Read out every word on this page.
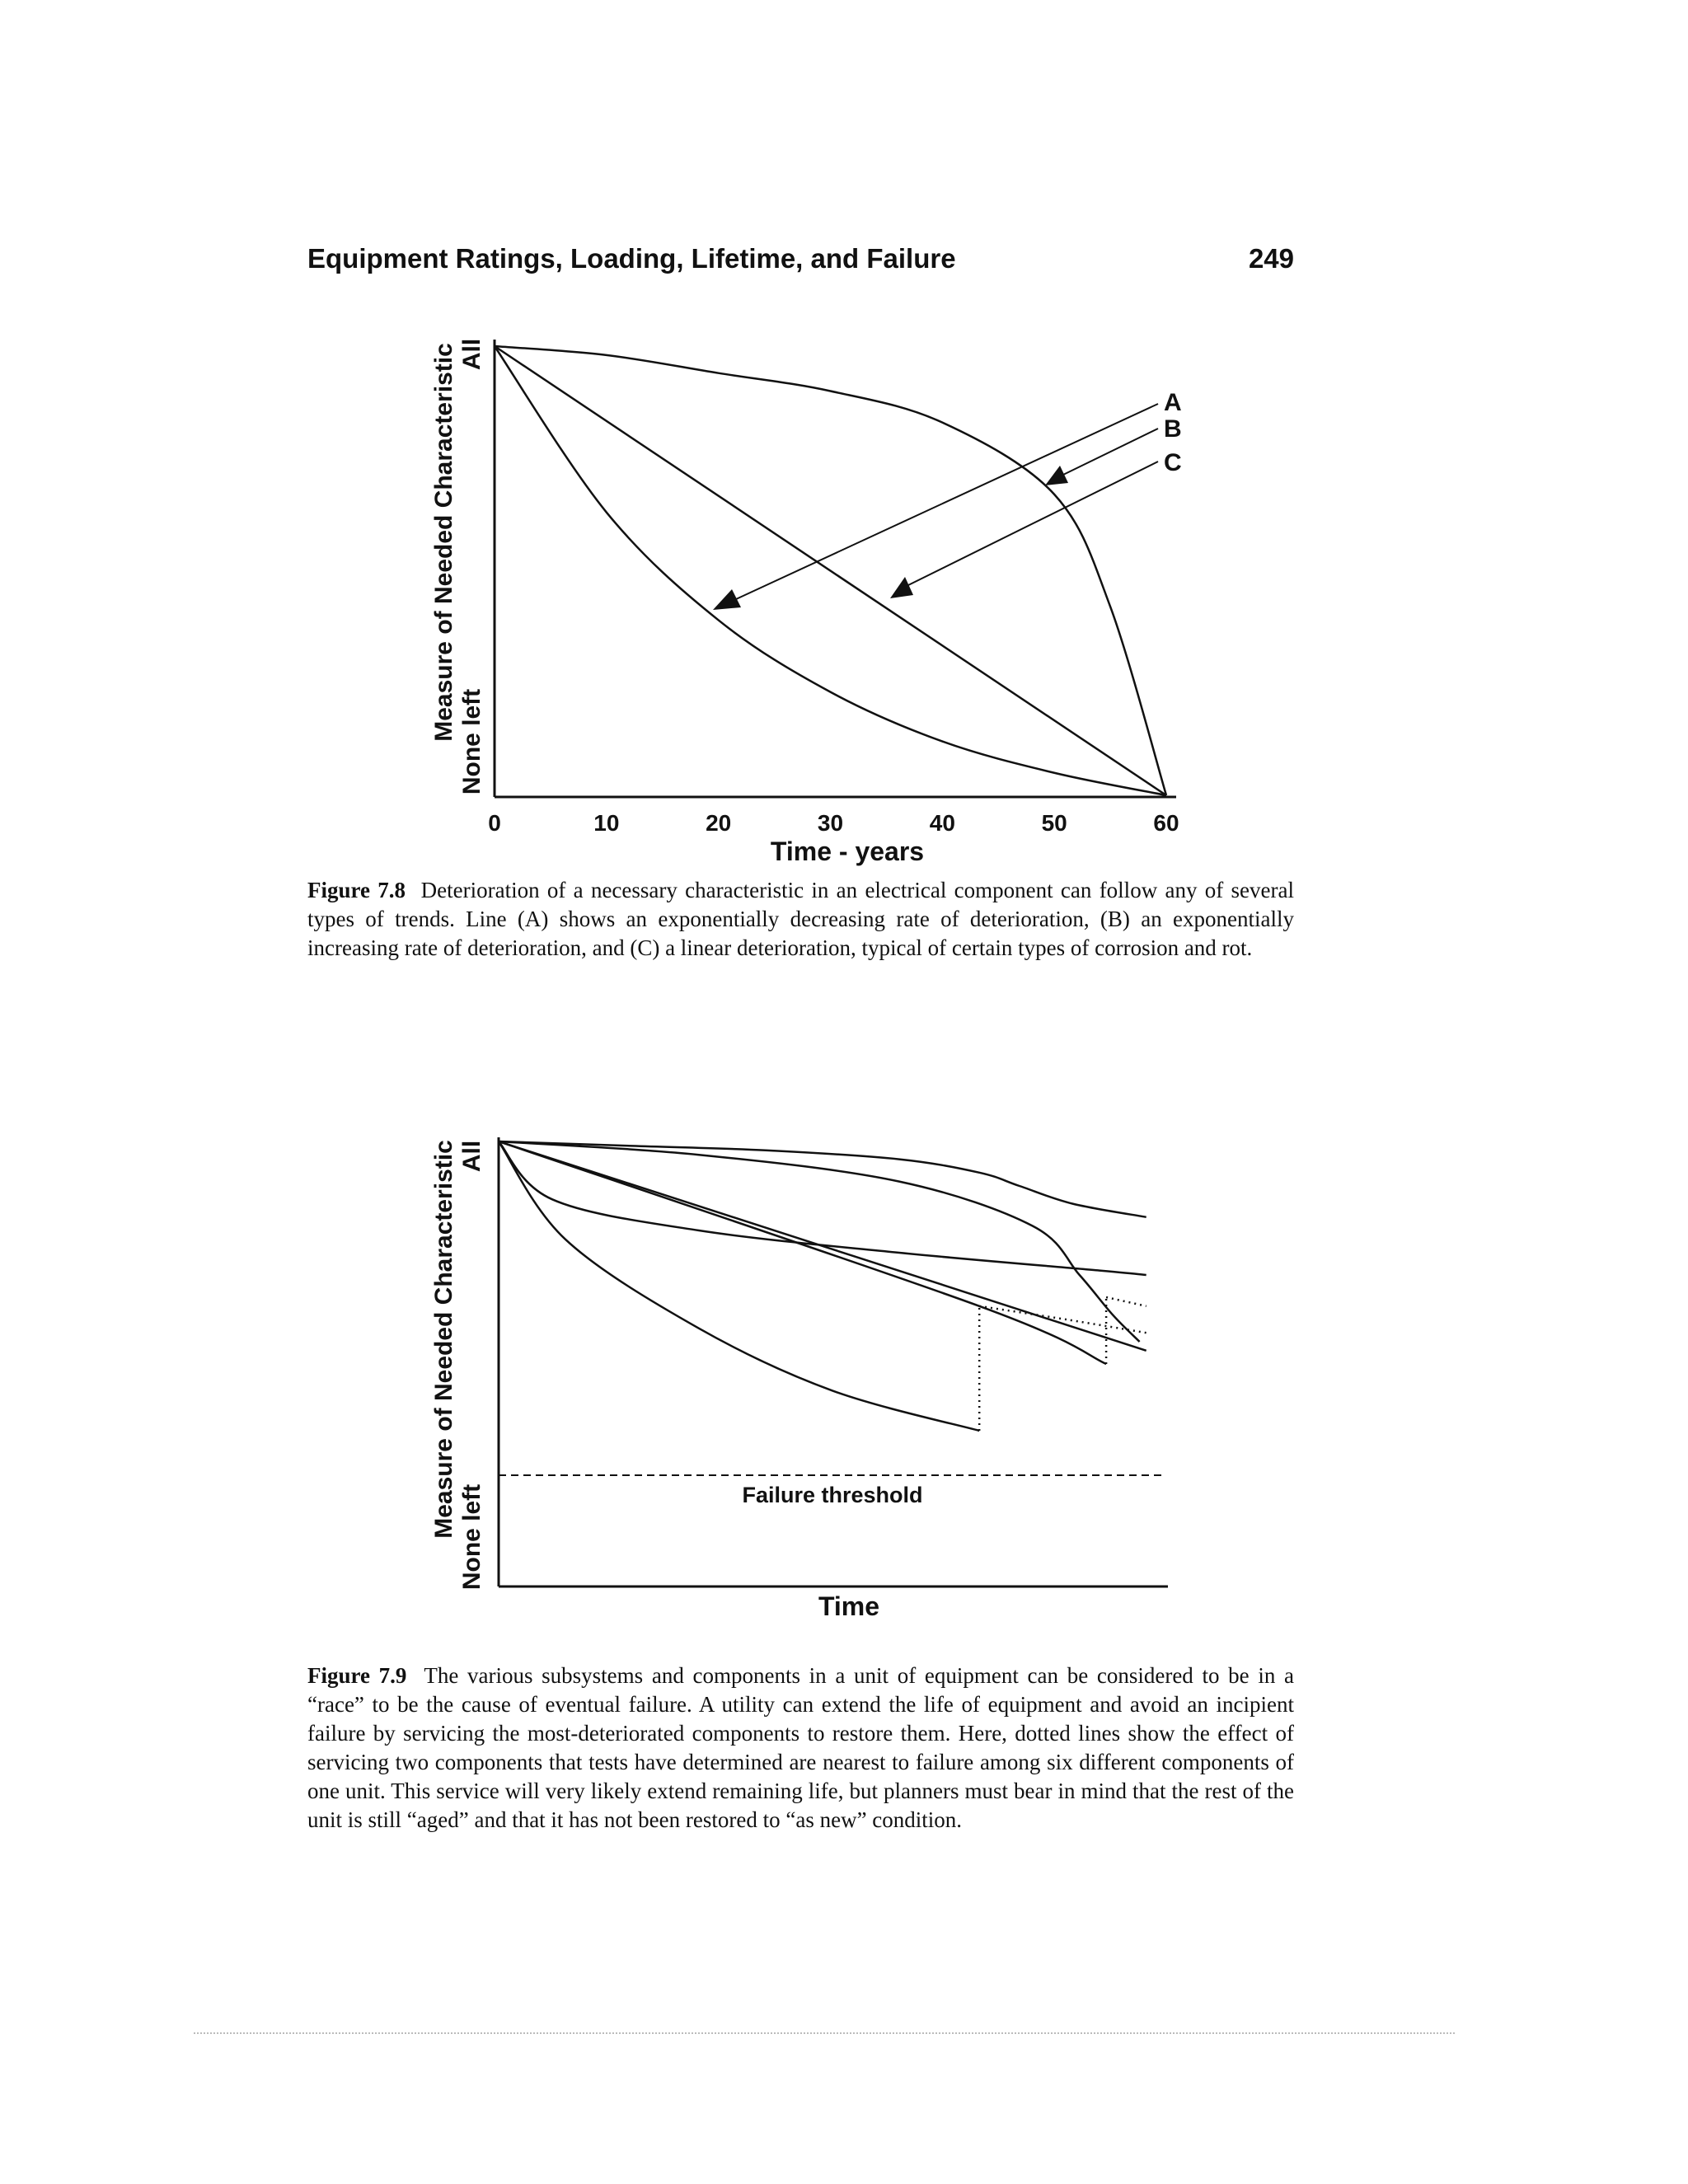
Equipment Ratings, Loading, Lifetime, and Failure	249
Measure of Needed Characteristic All
None left
0	10	20	30	40	50	60
Time - years
A
B
C
Measure of Needed Characteristic All
None left	Failure threshold
Time
Figure 7.8 Deterioration of a necessary characteristic in an electrical component can follow any of several types of trends. Line (A) shows an exponentially decreasing rate of deterioration, (B) an exponentially increasing rate of deterioration, and (C) a linear deterioration, typical of certain types of corrosion and rot.
Figure 7.9 The various subsystems and components in a unit of equipment can be considered to be in a “race” to be the cause of eventual failure. A utility can extend the life of equipment and avoid an incipient failure by servicing the most-deteriorated components to restore them. Here, dotted lines show the effect of servicing two components that tests have determined are nearest to failure among six different components of one unit. This service will very likely extend remaining life, but planners must bear in mind that the rest of the unit is still “aged” and that it has not been restored to “as new” condition.
